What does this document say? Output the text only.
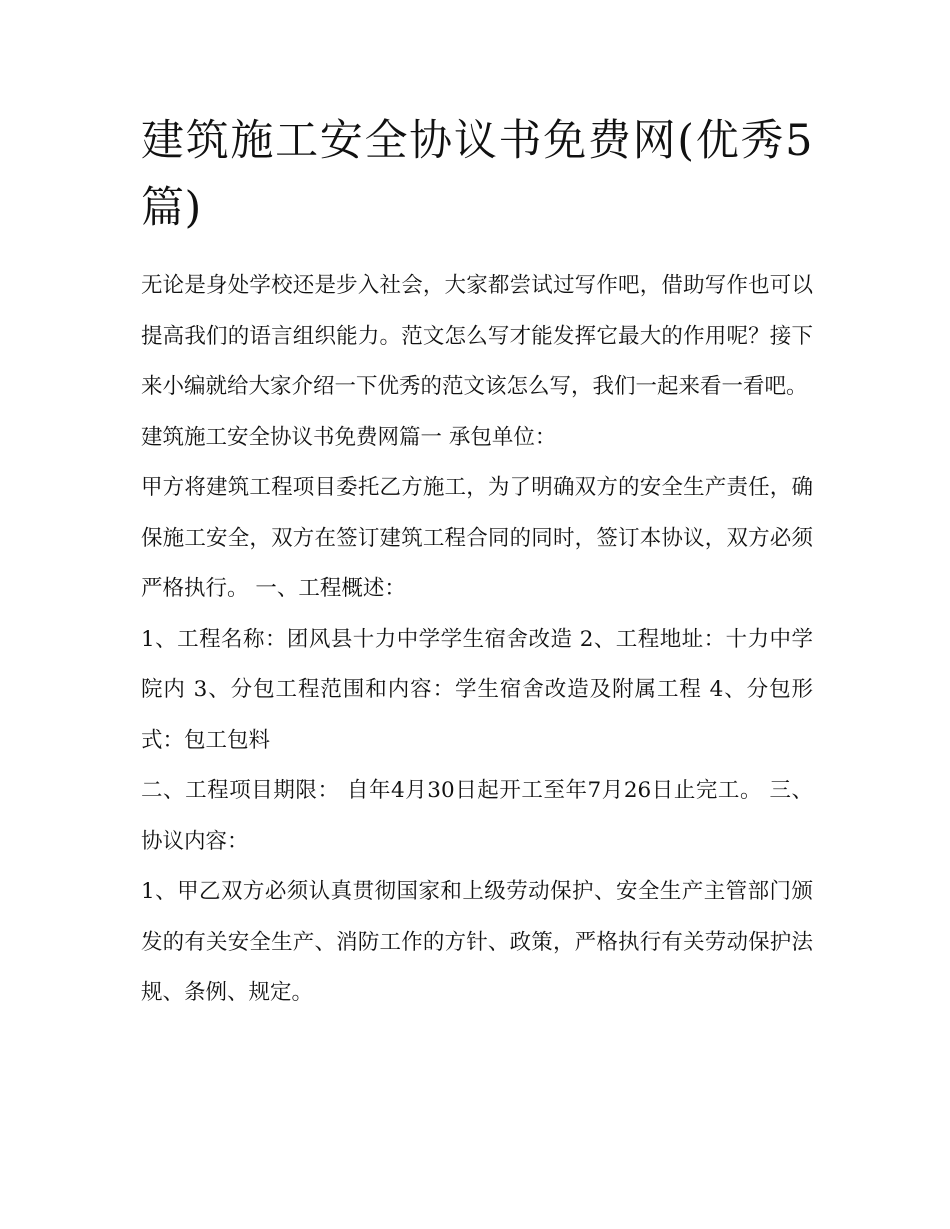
建筑施工安全协议书免费网(优秀5篇)

无论是身处学校还是步入社会，大家都尝试过写作吧，借助写作也可以提高我们的语言组织能力。范文怎么写才能发挥它最大的作用呢？接下来小编就给大家介绍一下优秀的范文该怎么写，我们一起来看一看吧。

建筑施工安全协议书免费网篇一 承包单位：

甲方将建筑工程项目委托乙方施工，为了明确双方的安全生产责任，确保施工安全，双方在签订建筑工程合同的同时，签订本协议，双方必须严格执行。 一、工程概述：

1、工程名称：团风县十力中学学生宿舍改造 2、工程地址：十力中学院内 3、分包工程范围和内容：学生宿舍改造及附属工程 4、分包形式：包工包料

二、工程项目期限： 自年4月30日起开工至年7月26日止完工。 三、协议内容：

1、甲乙双方必须认真贯彻国家和上级劳动保护、安全生产主管部门颁发的有关安全生产、消防工作的方针、政策，严格执行有关劳动保护法规、条例、规定。
